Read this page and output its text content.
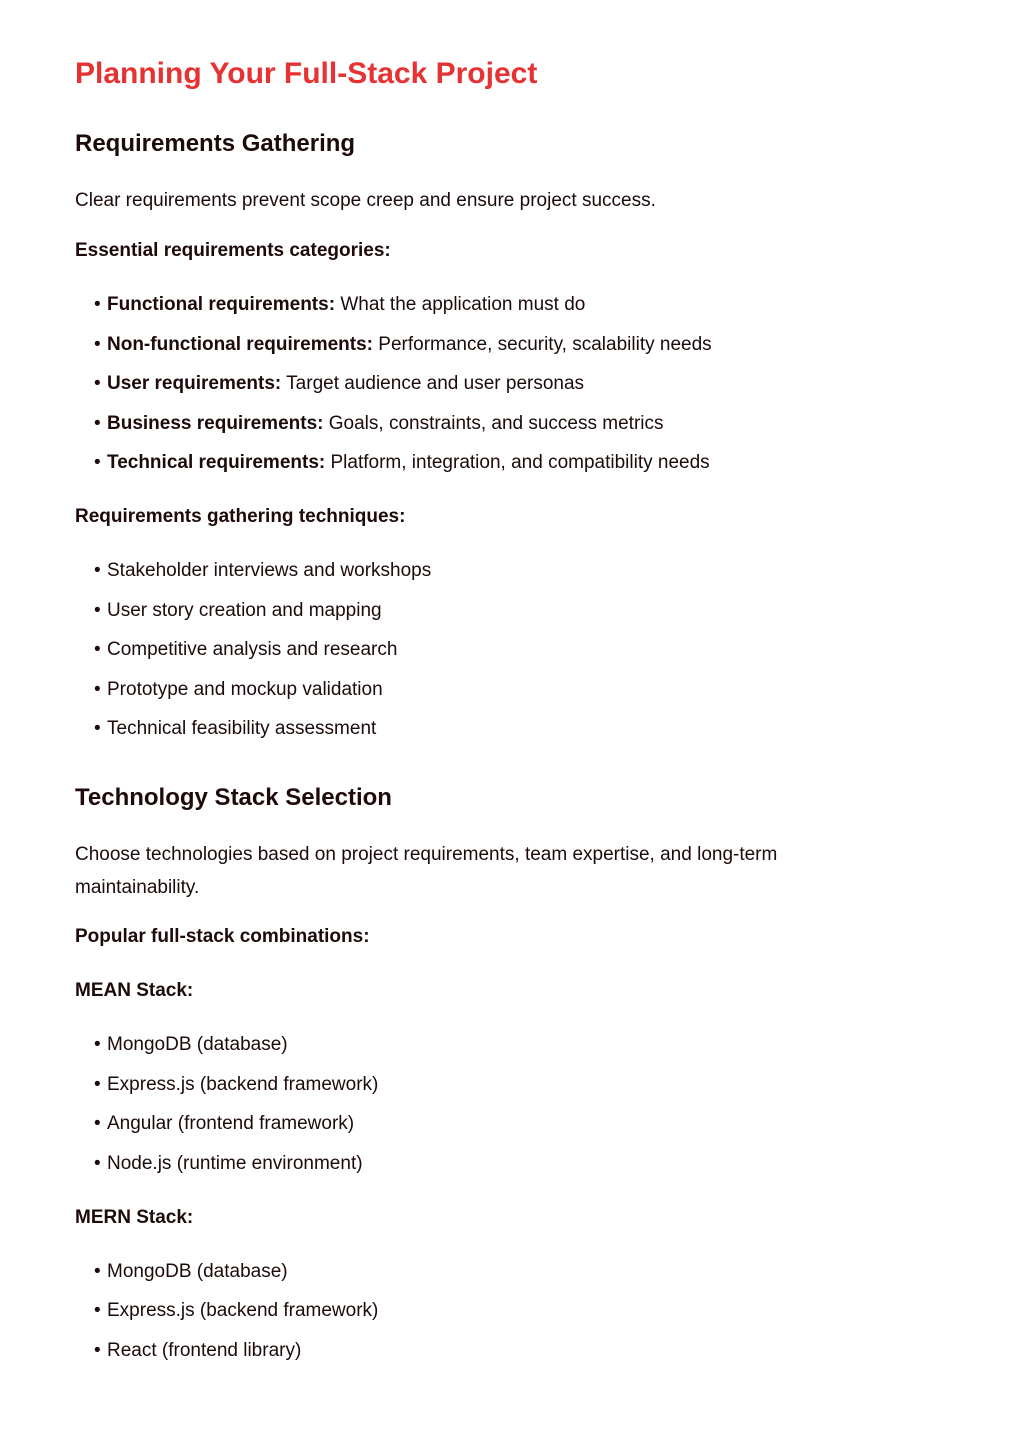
Planning Your Full-Stack Project
Requirements Gathering

Clear requirements prevent scope creep and ensure project success.

Essential requirements categories:
• Functional requirements: What the application must do
• Non-functional requirements: Performance, security, scalability needs
• User requirements: Target audience and user personas
• Business requirements: Goals, constraints, and success metrics
• Technical requirements: Platform, integration, and compatibility needs
Requirements gathering techniques:
• Stakeholder interviews and workshops
• User story creation and mapping
• Competitive analysis and research
• Prototype and mockup validation
• Technical feasibility assessment
Technology Stack Selection

Choose technologies based on project requirements, team expertise, and long-term maintainability.

Popular full-stack combinations:
MEAN Stack:
• MongoDB (database)
• Express.js (backend framework)
• Angular (frontend framework)
• Node.js (runtime environment)
MERN Stack:
• MongoDB (database)
• Express.js (backend framework)
• React (frontend library)
